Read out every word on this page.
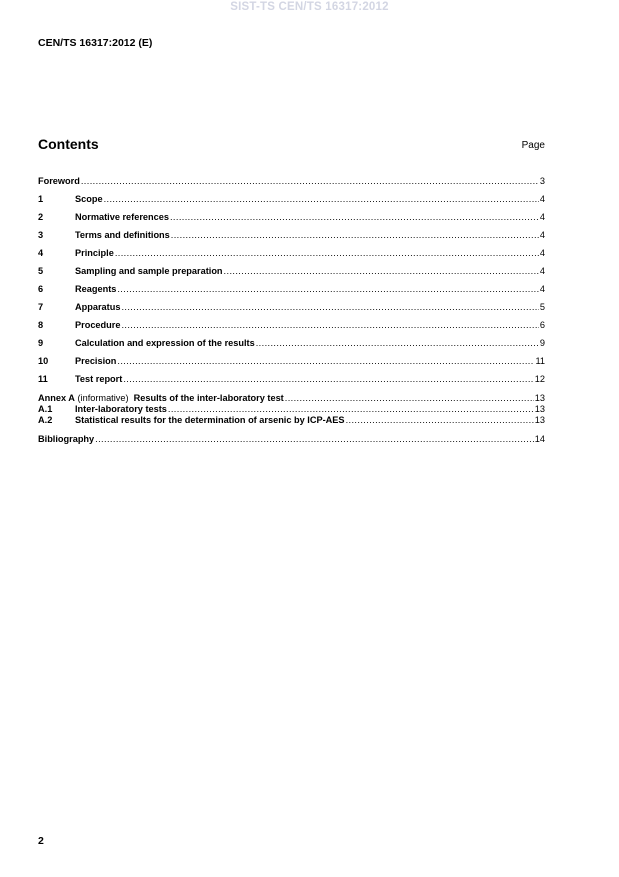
SIST-TS CEN/TS 16317:2012
CEN/TS 16317:2012 (E)
Contents	Page
Foreword .....	3
1	Scope .....	4
2	Normative references .....	4
3	Terms and definitions .....	4
4	Principle .....	4
5	Sampling and sample preparation .....	4
6	Reagents .....	4
7	Apparatus .....	5
8	Procedure .....	6
9	Calculation and expression of the results .....	9
10	Precision .....	11
11	Test report .....	12
Annex A (informative)  Results of the inter-laboratory test .....	13
A.1	Inter-laboratory tests .....	13
A.2	Statistical results for the determination of arsenic by ICP-AES .....	13
Bibliography .....	14
2
